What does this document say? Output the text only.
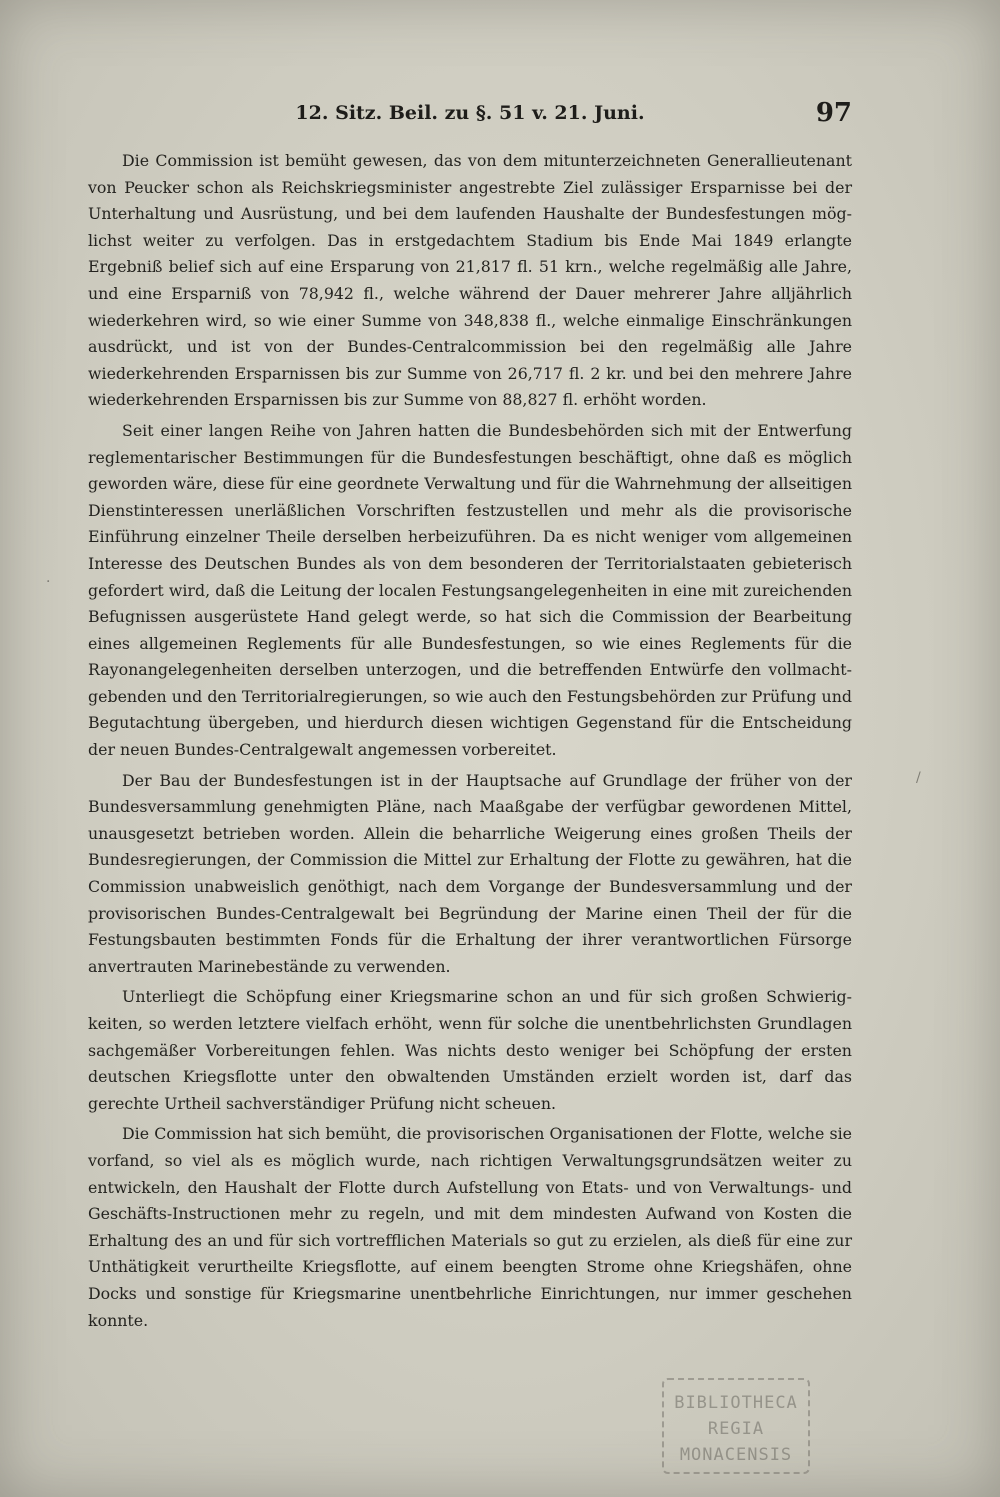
12. Sitz. Beil. zu §. 51 v. 21. Juni.	97

Die Commission ist bemüht gewesen, das von dem mitunterzeichneten Generallieutenant von Peucker schon als Reichskriegsminister angestrebte Ziel zulässiger Ersparnisse bei der Unterhaltung und Ausrüstung, und bei dem laufenden Haushalte der Bundesfestungen möglichst weiter zu verfolgen. Das in erstgedachtem Stadium bis Ende Mai 1849 erlangte Ergebniß belief sich auf eine Ersparung von 21,817 fl. 51 krn., welche regelmäßig alle Jahre, und eine Ersparniß von 78,942 fl., welche während der Dauer mehrerer Jahre alljährlich wiederkehren wird, so wie einer Summe von 348,838 fl., welche einmalige Einschränkungen ausdrückt, und ist von der Bundes-Centralcommission bei den regelmäßig alle Jahre wiederkehrenden Ersparnissen bis zur Summe von 26,717 fl. 2 kr. und bei den mehrere Jahre wiederkehrenden Ersparnissen bis zur Summe von 88,827 fl. erhöht worden.

Seit einer langen Reihe von Jahren hatten die Bundesbehörden sich mit der Entwerfung reglementarischer Bestimmungen für die Bundesfestungen beschäftigt, ohne daß es möglich geworden wäre, diese für eine geordnete Verwaltung und für die Wahrnehmung der allseitigen Dienstinteressen unerläßlichen Vorschriften festzustellen und mehr als die provisorische Einführung einzelner Theile derselben herbeizuführen. Da es nicht weniger vom allgemeinen Interesse des Deutschen Bundes als von dem besonderen der Territorialstaaten gebieterisch gefordert wird, daß die Leitung der localen Festungsangelegenheiten in eine mit zureichenden Befugnissen ausgerüstete Hand gelegt werde, so hat sich die Commission der Bearbeitung eines allgemeinen Reglements für alle Bundesfestungen, so wie eines Reglements für die Rayonangelegenheiten derselben unterzogen, und die betreffenden Entwürfe den vollmachtgebenden und den Territorialregierungen, so wie auch den Festungsbehörden zur Prüfung und Begutachtung übergeben, und hierdurch diesen wichtigen Gegenstand für die Entscheidung der neuen Bundes-Centralgewalt angemessen vorbereitet.

Der Bau der Bundesfestungen ist in der Hauptsache auf Grundlage der früher von der Bundesversammlung genehmigten Pläne, nach Maaßgabe der verfügbar gewordenen Mittel, unausgesetzt betrieben worden. Allein die beharrliche Weigerung eines großen Theils der Bundesregierungen, der Commission die Mittel zur Erhaltung der Flotte zu gewähren, hat die Commission unabweislich genöthigt, nach dem Vorgange der Bundesversammlung und der provisorischen Bundes-Centralgewalt bei Begründung der Marine einen Theil der für die Festungsbauten bestimmten Fonds für die Erhaltung der ihrer verantwortlichen Fürsorge anvertrauten Marinebestände zu verwenden.

Unterliegt die Schöpfung einer Kriegsmarine schon an und für sich großen Schwierigkeiten, so werden letztere vielfach erhöht, wenn für solche die unentbehrlichsten Grundlagen sachgemäßer Vorbereitungen fehlen. Was nichts desto weniger bei Schöpfung der ersten deutschen Kriegsflotte unter den obwaltenden Umständen erzielt worden ist, darf das gerechte Urtheil sachverständiger Prüfung nicht scheuen.

Die Commission hat sich bemüht, die provisorischen Organisationen der Flotte, welche sie vorfand, so viel als es möglich wurde, nach richtigen Verwaltungsgrundsätzen weiter zu entwickeln, den Haushalt der Flotte durch Aufstellung von Etats- und von Verwaltungs- und Geschäfts-Instructionen mehr zu regeln, und mit dem mindesten Aufwand von Kosten die Erhaltung des an und für sich vortrefflichen Materials so gut zu erzielen, als dieß für eine zur Unthätigkeit verurtheilte Kriegsflotte, auf einem beengten Strome ohne Kriegshäfen, ohne Docks und sonstige für Kriegsmarine unentbehrliche Einrichtungen, nur immer geschehen konnte.

·
/
BIBLIOTHECA
REGIA
MONACENSIS
